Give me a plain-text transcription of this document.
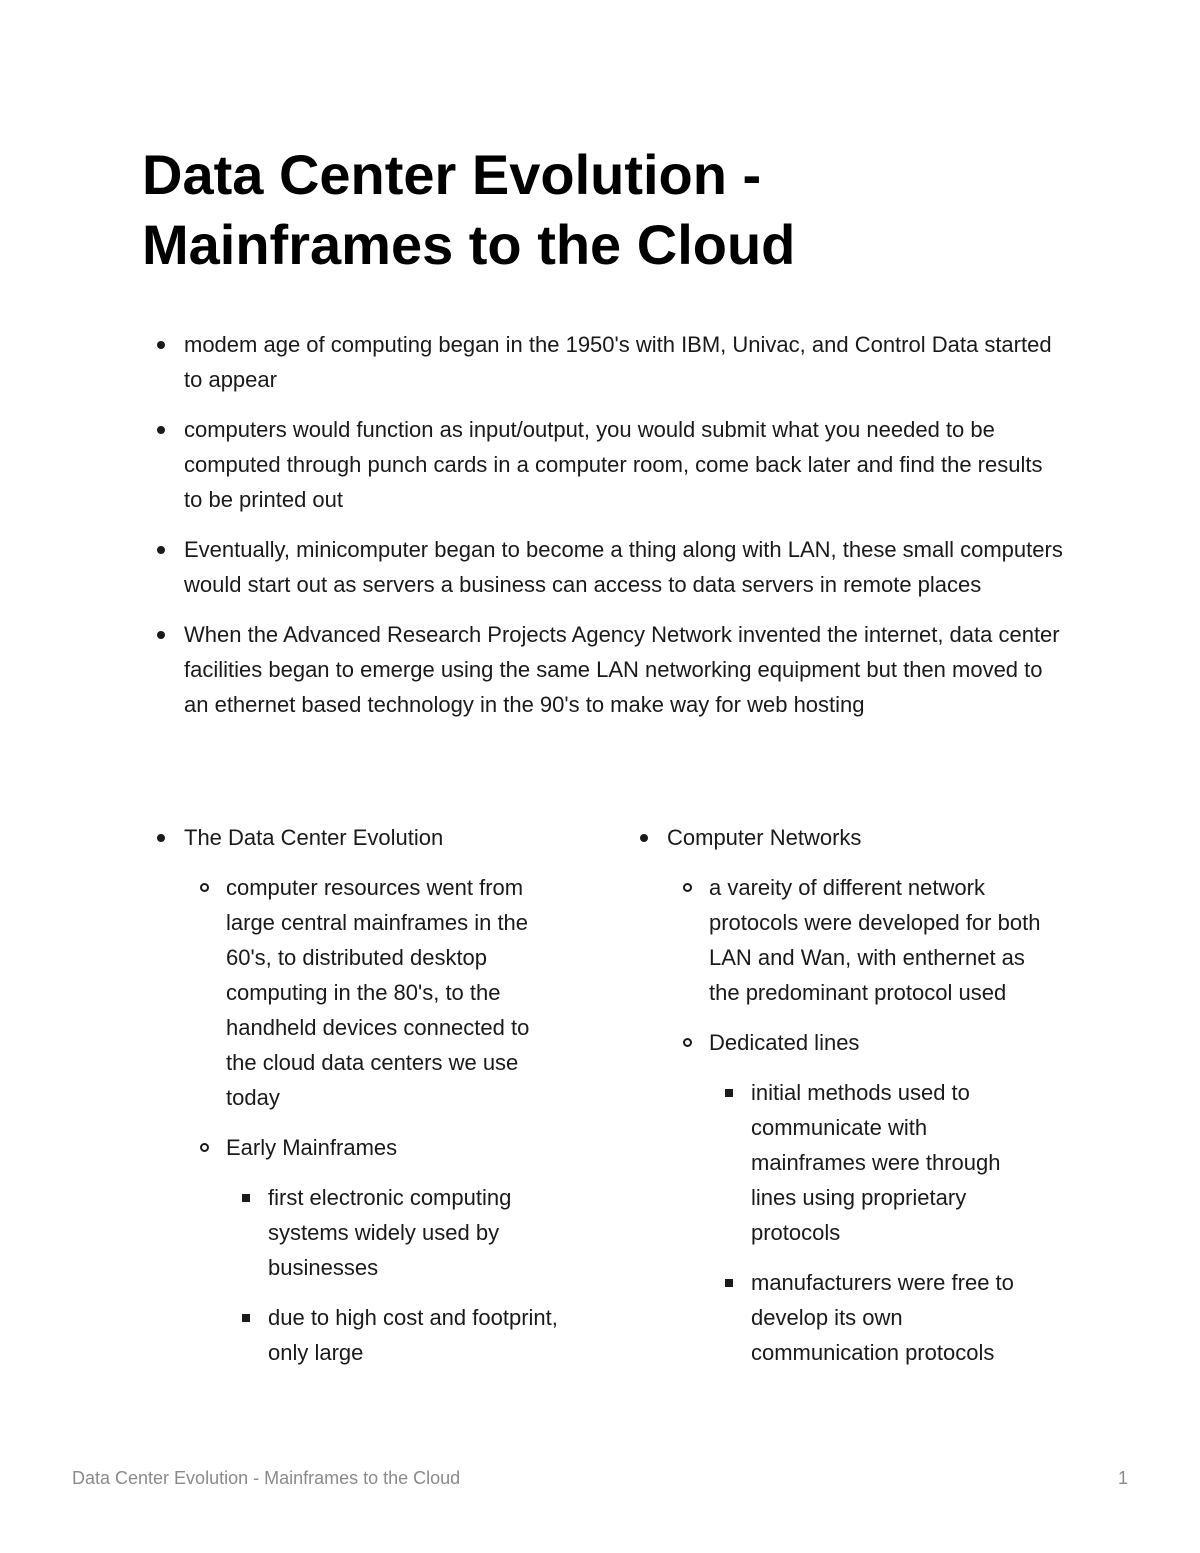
Data Center Evolution -
Mainframes to the Cloud
modem age of computing began in the 1950's with IBM, Univac, and Control Data started to appear
computers would function as input/output, you would submit what you needed to be computed through punch cards in a computer room, come back later and find the results to be printed out
Eventually, minicomputer began to become a thing along with LAN, these small computers would start out as servers a business can access to data servers in remote places
When the Advanced Research Projects Agency Network invented the internet, data center facilities began to emerge using the same LAN networking equipment but then moved to an ethernet based technology in the 90's to make way for web hosting
The Data Center Evolution
computer resources went from large central mainframes in the 60's, to distributed desktop computing in the 80's, to the handheld devices connected to the cloud data centers we use today
Early Mainframes
first electronic computing systems widely used by businesses
due to high cost and footprint, only large
Computer Networks
a vareity of different network protocols were developed for both LAN and Wan, with enthernet as the predominant protocol used
Dedicated lines
initial methods used to communicate with mainframes were through lines using proprietary protocols
manufacturers were free to develop its own communication protocols
Data Center Evolution - Mainframes to the Cloud	1
